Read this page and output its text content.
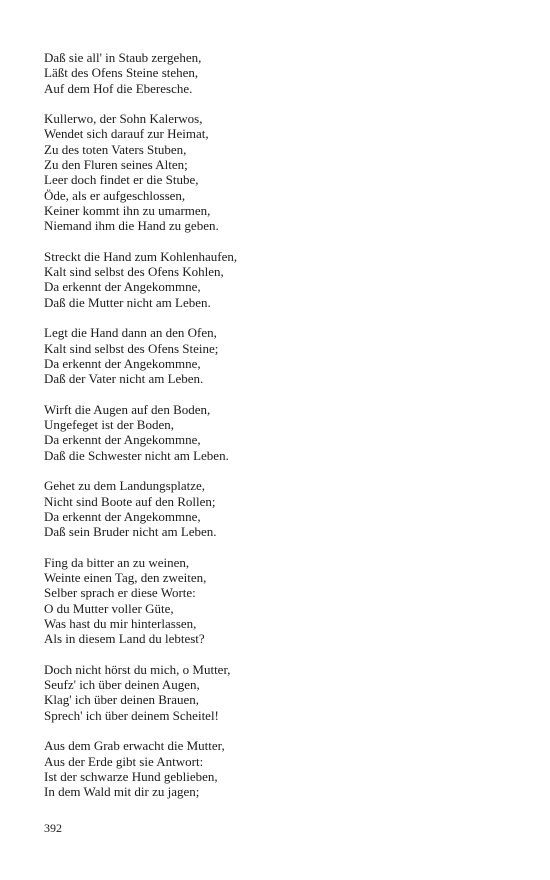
Daß sie all' in Staub zergehen,
Läßt des Ofens Steine stehen,
Auf dem Hof die Eberesche.
Kullerwo, der Sohn Kalerwos,
Wendet sich darauf zur Heimat,
Zu des toten Vaters Stuben,
Zu den Fluren seines Alten;
Leer doch findet er die Stube,
Öde, als er aufgeschlossen,
Keiner kommt ihn zu umarmen,
Niemand ihm die Hand zu geben.
Streckt die Hand zum Kohlenhaufen,
Kalt sind selbst des Ofens Kohlen,
Da erkennt der Angekommne,
Daß die Mutter nicht am Leben.
Legt die Hand dann an den Ofen,
Kalt sind selbst des Ofens Steine;
Da erkennt der Angekommne,
Daß der Vater nicht am Leben.
Wirft die Augen auf den Boden,
Ungefeget ist der Boden,
Da erkennt der Angekommne,
Daß die Schwester nicht am Leben.
Gehet zu dem Landungsplatze,
Nicht sind Boote auf den Rollen;
Da erkennt der Angekommne,
Daß sein Bruder nicht am Leben.
Fing da bitter an zu weinen,
Weinte einen Tag, den zweiten,
Selber sprach er diese Worte:
O du Mutter voller Güte,
Was hast du mir hinterlassen,
Als in diesem Land du lebtest?
Doch nicht hörst du mich, o Mutter,
Seufz' ich über deinen Augen,
Klag' ich über deinen Brauen,
Sprech' ich über deinem Scheitel!
Aus dem Grab erwacht die Mutter,
Aus der Erde gibt sie Antwort:
Ist der schwarze Hund geblieben,
In dem Wald mit dir zu jagen;
392
